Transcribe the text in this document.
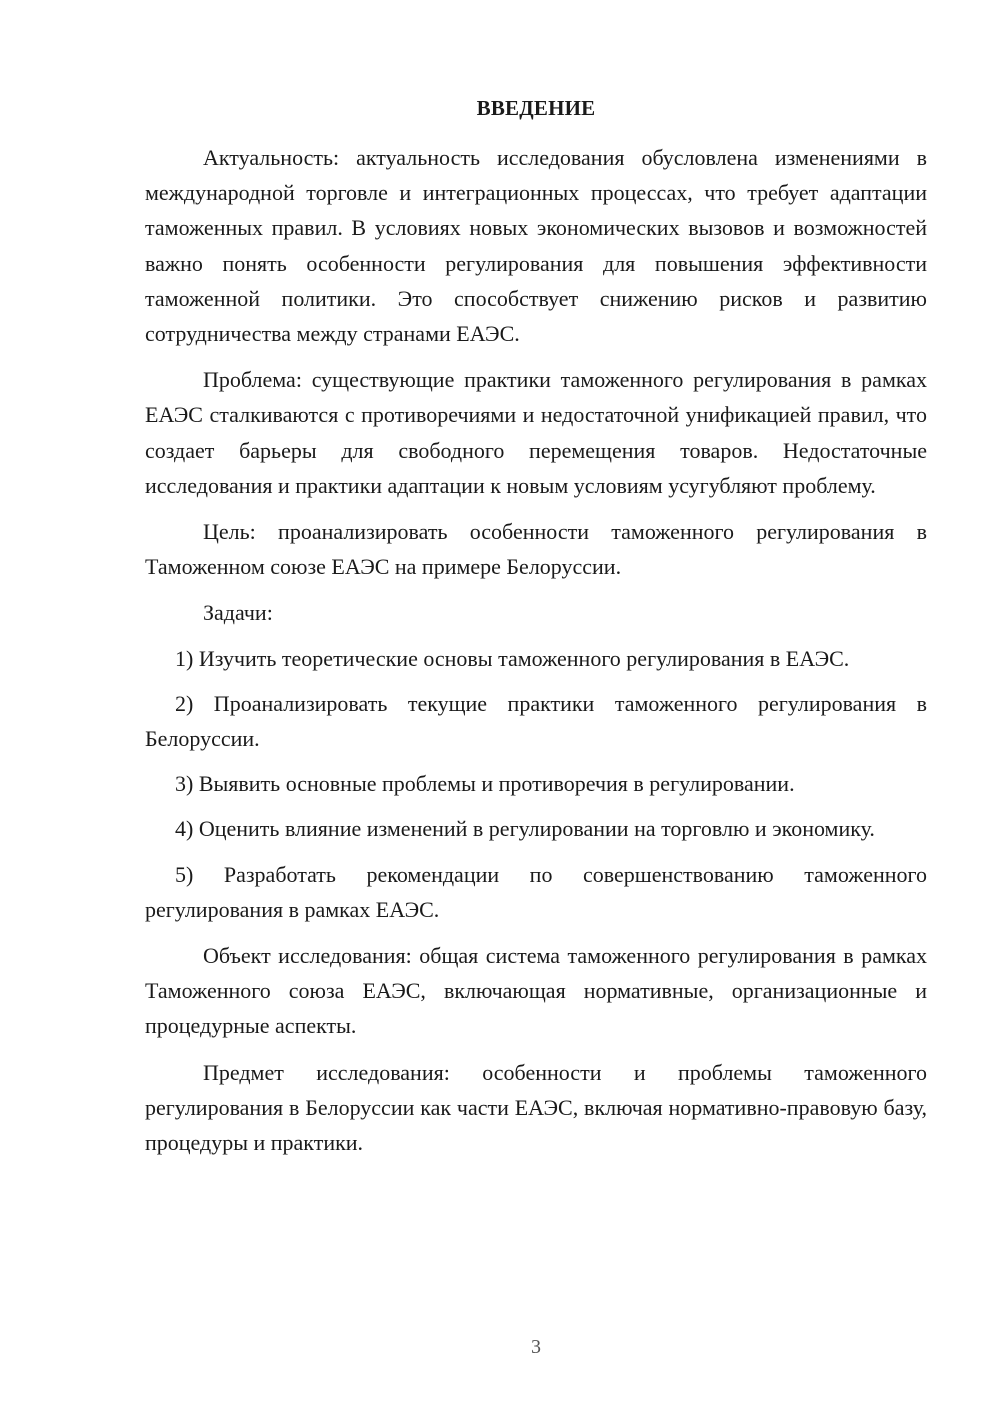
ВВЕДЕНИЕ

Актуальность: актуальность исследования обусловлена изменениями в международной торговле и интеграционных процессах, что требует адаптации таможенных правил. В условиях новых экономических вызовов и возможностей важно понять особенности регулирования для повышения эффективности таможенной политики. Это способствует снижению рисков и развитию сотрудничества между странами ЕАЭС.

Проблема: существующие практики таможенного регулирования в рамках ЕАЭС сталкиваются с противоречиями и недостаточной унификацией правил, что создает барьеры для свободного перемещения товаров. Недостаточные исследования и практики адаптации к новым условиям усугубляют проблему.

Цель: проанализировать особенности таможенного регулирования в Таможенном союзе ЕАЭС на примере Белоруссии.

Задачи:

1) Изучить теоретические основы таможенного регулирования в ЕАЭС.

2) Проанализировать текущие практики таможенного регулирования в Белоруссии.

3) Выявить основные проблемы и противоречия в регулировании.

4) Оценить влияние изменений в регулировании на торговлю и экономику.

5) Разработать рекомендации по совершенствованию таможенного регулирования в рамках ЕАЭС.

Объект исследования: общая система таможенного регулирования в рамках Таможенного союза ЕАЭС, включающая нормативные, организационные и процедурные аспекты.

Предмет исследования: особенности и проблемы таможенного регулирования в Белоруссии как части ЕАЭС, включая нормативно-правовую базу, процедуры и практики.

3
